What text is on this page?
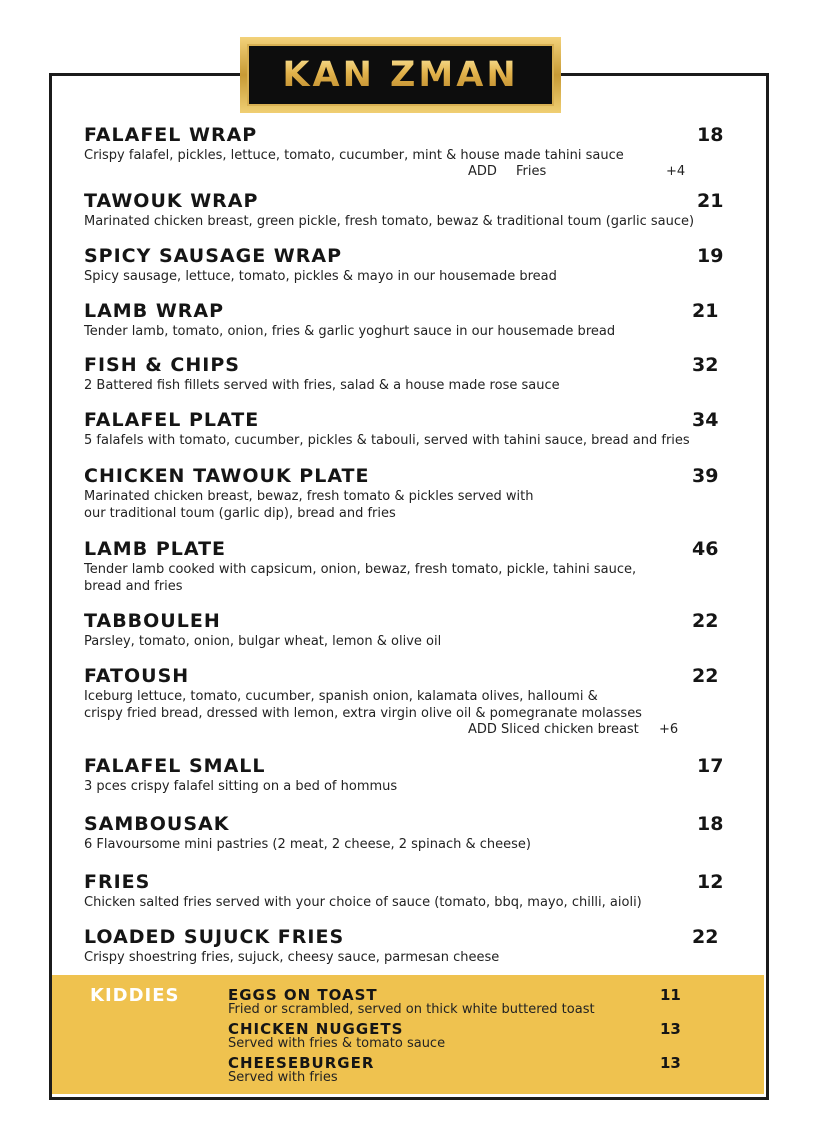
KAN ZMAN
FALAFEL WRAP	18
Crispy falafel, pickles, lettuce, tomato, cucumber, mint & house made tahini sauce
ADD Fries	+4
TAWOUK WRAP	21
Marinated chicken breast, green pickle, fresh tomato, bewaz & traditional toum (garlic sauce)
SPICY SAUSAGE WRAP	19
Spicy sausage, lettuce, tomato, pickles & mayo in our housemade bread
LAMB WRAP	21
Tender lamb, tomato, onion, fries & garlic yoghurt sauce in our housemade bread
FISH & CHIPS	32
2 Battered fish fillets served with fries, salad & a house made rose sauce
FALAFEL PLATE	34
5 falafels with tomato, cucumber, pickles & tabouli, served with tahini sauce, bread and fries
CHICKEN TAWOUK PLATE	39
Marinated chicken breast, bewaz, fresh tomato & pickles served with
our traditional toum (garlic dip), bread and fries
LAMB PLATE	46
Tender lamb cooked with capsicum, onion, bewaz, fresh tomato, pickle, tahini sauce,
bread and fries
TABBOULEH	22
Parsley, tomato, onion, bulgar wheat, lemon & olive oil
FATOUSH	22
Iceburg lettuce, tomato, cucumber, spanish onion, kalamata olives, halloumi &
crispy fried bread, dressed with lemon, extra virgin olive oil & pomegranate molasses
ADD Sliced chicken breast +6
FALAFEL SMALL	17
3 pces crispy falafel sitting on a bed of hommus
SAMBOUSAK	18
6 Flavoursome mini pastries (2 meat, 2 cheese, 2 spinach & cheese)
FRIES	12
Chicken salted fries served with your choice of sauce (tomato, bbq, mayo, chilli, aioli)
LOADED SUJUCK FRIES	22
Crispy shoestring fries, sujuck, cheesy sauce, parmesan cheese
KIDDIES	EGGS ON TOAST
Fried or scrambled, served on thick white buttered toast
11
CHICKEN NUGGETS
Served with fries & tomato sauce
13
CHEESEBURGER
Served with fries
13
